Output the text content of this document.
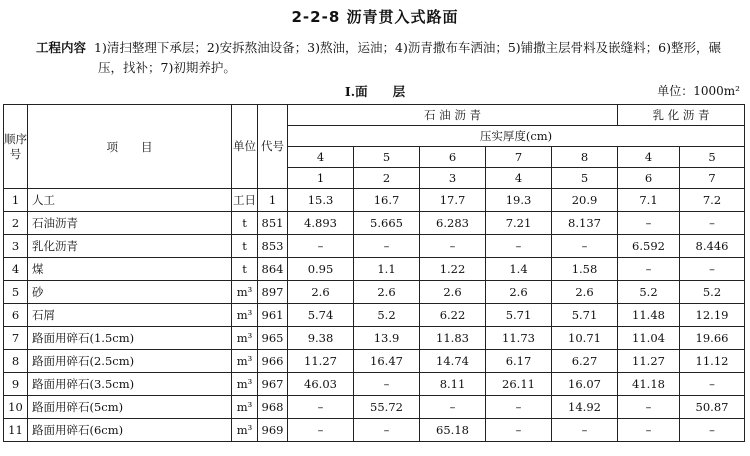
2-2-8 沥青贯入式路面
工程内容 1)清扫整理下承层；2)安拆熬油设备；3)熬油，运油；4)沥青撒布车洒油；5)铺撒主层骨料及嵌缝料；6)整形，碾
压，找补；7)初期养护。
I.面　　层	单位：1000m²
顺序号	项　　目	单位	代号	石 油 沥 青					乳 化 沥 青	
				压实厚度(cm)						
				4	5	6	7	8	4	5
				1	2	3	4	5	6	7
1	人工	工日	1	15.3	16.7	17.7	19.3	20.9	7.1	7.2
2	石油沥青	t	851	4.893	5.665	6.283	7.21	8.137	–	–
3	乳化沥青	t	853	–	–	–	–	–	6.592	8.446
4	煤	t	864	0.95	1.1	1.22	1.4	1.58	–	–
5	砂	m³	897	2.6	2.6	2.6	2.6	2.6	5.2	5.2
6	石屑	m³	961	5.74	5.2	6.22	5.71	5.71	11.48	12.19
7	路面用碎石(1.5cm)	m³	965	9.38	13.9	11.83	11.73	10.71	11.04	19.66
8	路面用碎石(2.5cm)	m³	966	11.27	16.47	14.74	6.17	6.27	11.27	11.12
9	路面用碎石(3.5cm)	m³	967	46.03	–	8.11	26.11	16.07	41.18	–
10	路面用碎石(5cm)	m³	968	–	55.72	–	–	14.92	–	50.87
11	路面用碎石(6cm)	m³	969	–	–	65.18	–	–	–	–
